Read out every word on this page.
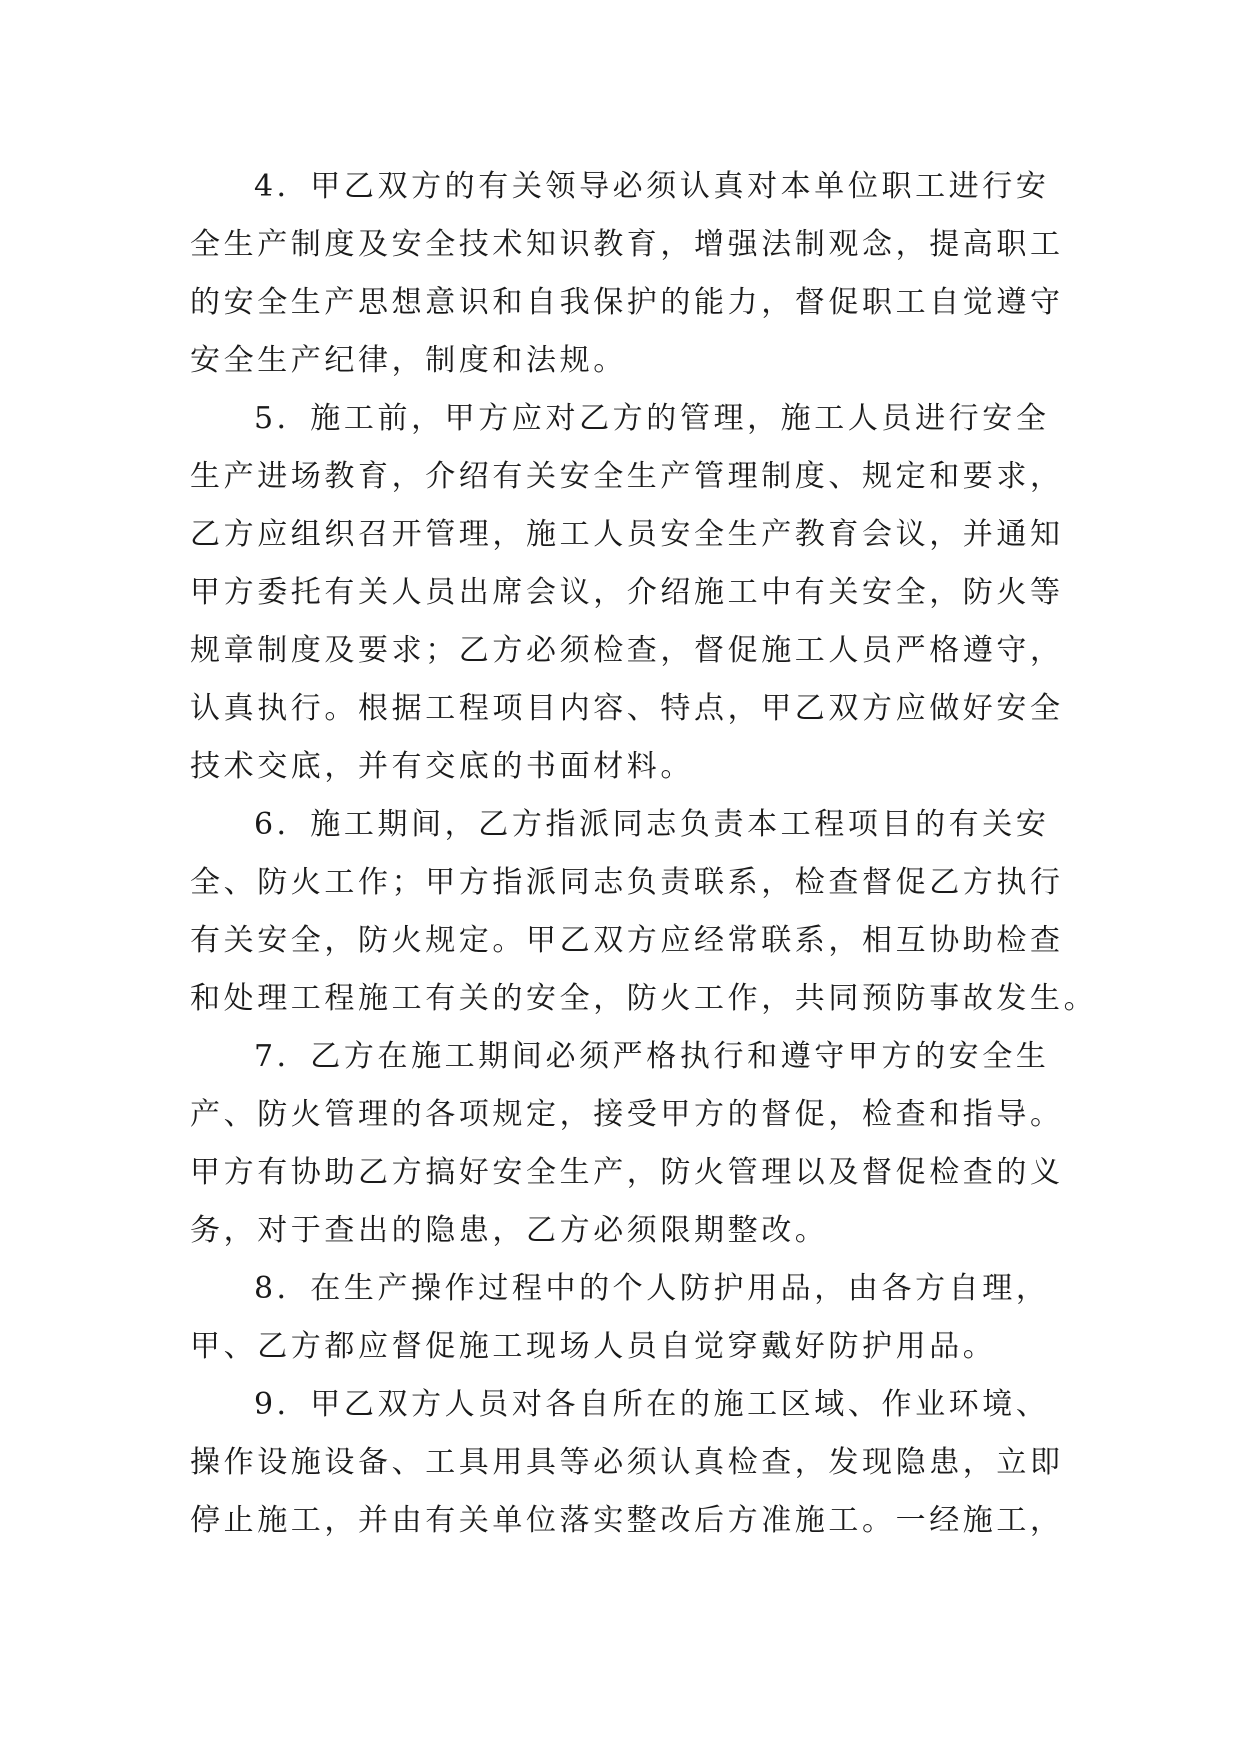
4．甲乙双方的有关领导必须认真对本单位职工进行安
全生产制度及安全技术知识教育，增强法制观念，提高职工
的安全生产思想意识和自我保护的能力，督促职工自觉遵守
安全生产纪律，制度和法规。
5．施工前，甲方应对乙方的管理，施工人员进行安全
生产进场教育，介绍有关安全生产管理制度、规定和要求，
乙方应组织召开管理，施工人员安全生产教育会议，并通知
甲方委托有关人员出席会议，介绍施工中有关安全，防火等
规章制度及要求；乙方必须检查，督促施工人员严格遵守，
认真执行。根据工程项目内容、特点，甲乙双方应做好安全
技术交底，并有交底的书面材料。
6．施工期间，乙方指派同志负责本工程项目的有关安
全、防火工作；甲方指派同志负责联系，检查督促乙方执行
有关安全，防火规定。甲乙双方应经常联系，相互协助检查
和处理工程施工有关的安全，防火工作，共同预防事故发生。
7．乙方在施工期间必须严格执行和遵守甲方的安全生
产、防火管理的各项规定，接受甲方的督促，检查和指导。
甲方有协助乙方搞好安全生产，防火管理以及督促检查的义
务，对于查出的隐患，乙方必须限期整改。
8．在生产操作过程中的个人防护用品，由各方自理，
甲、乙方都应督促施工现场人员自觉穿戴好防护用品。
9．甲乙双方人员对各自所在的施工区域、作业环境、
操作设施设备、工具用具等必须认真检查，发现隐患，立即
停止施工，并由有关单位落实整改后方准施工。一经施工，
